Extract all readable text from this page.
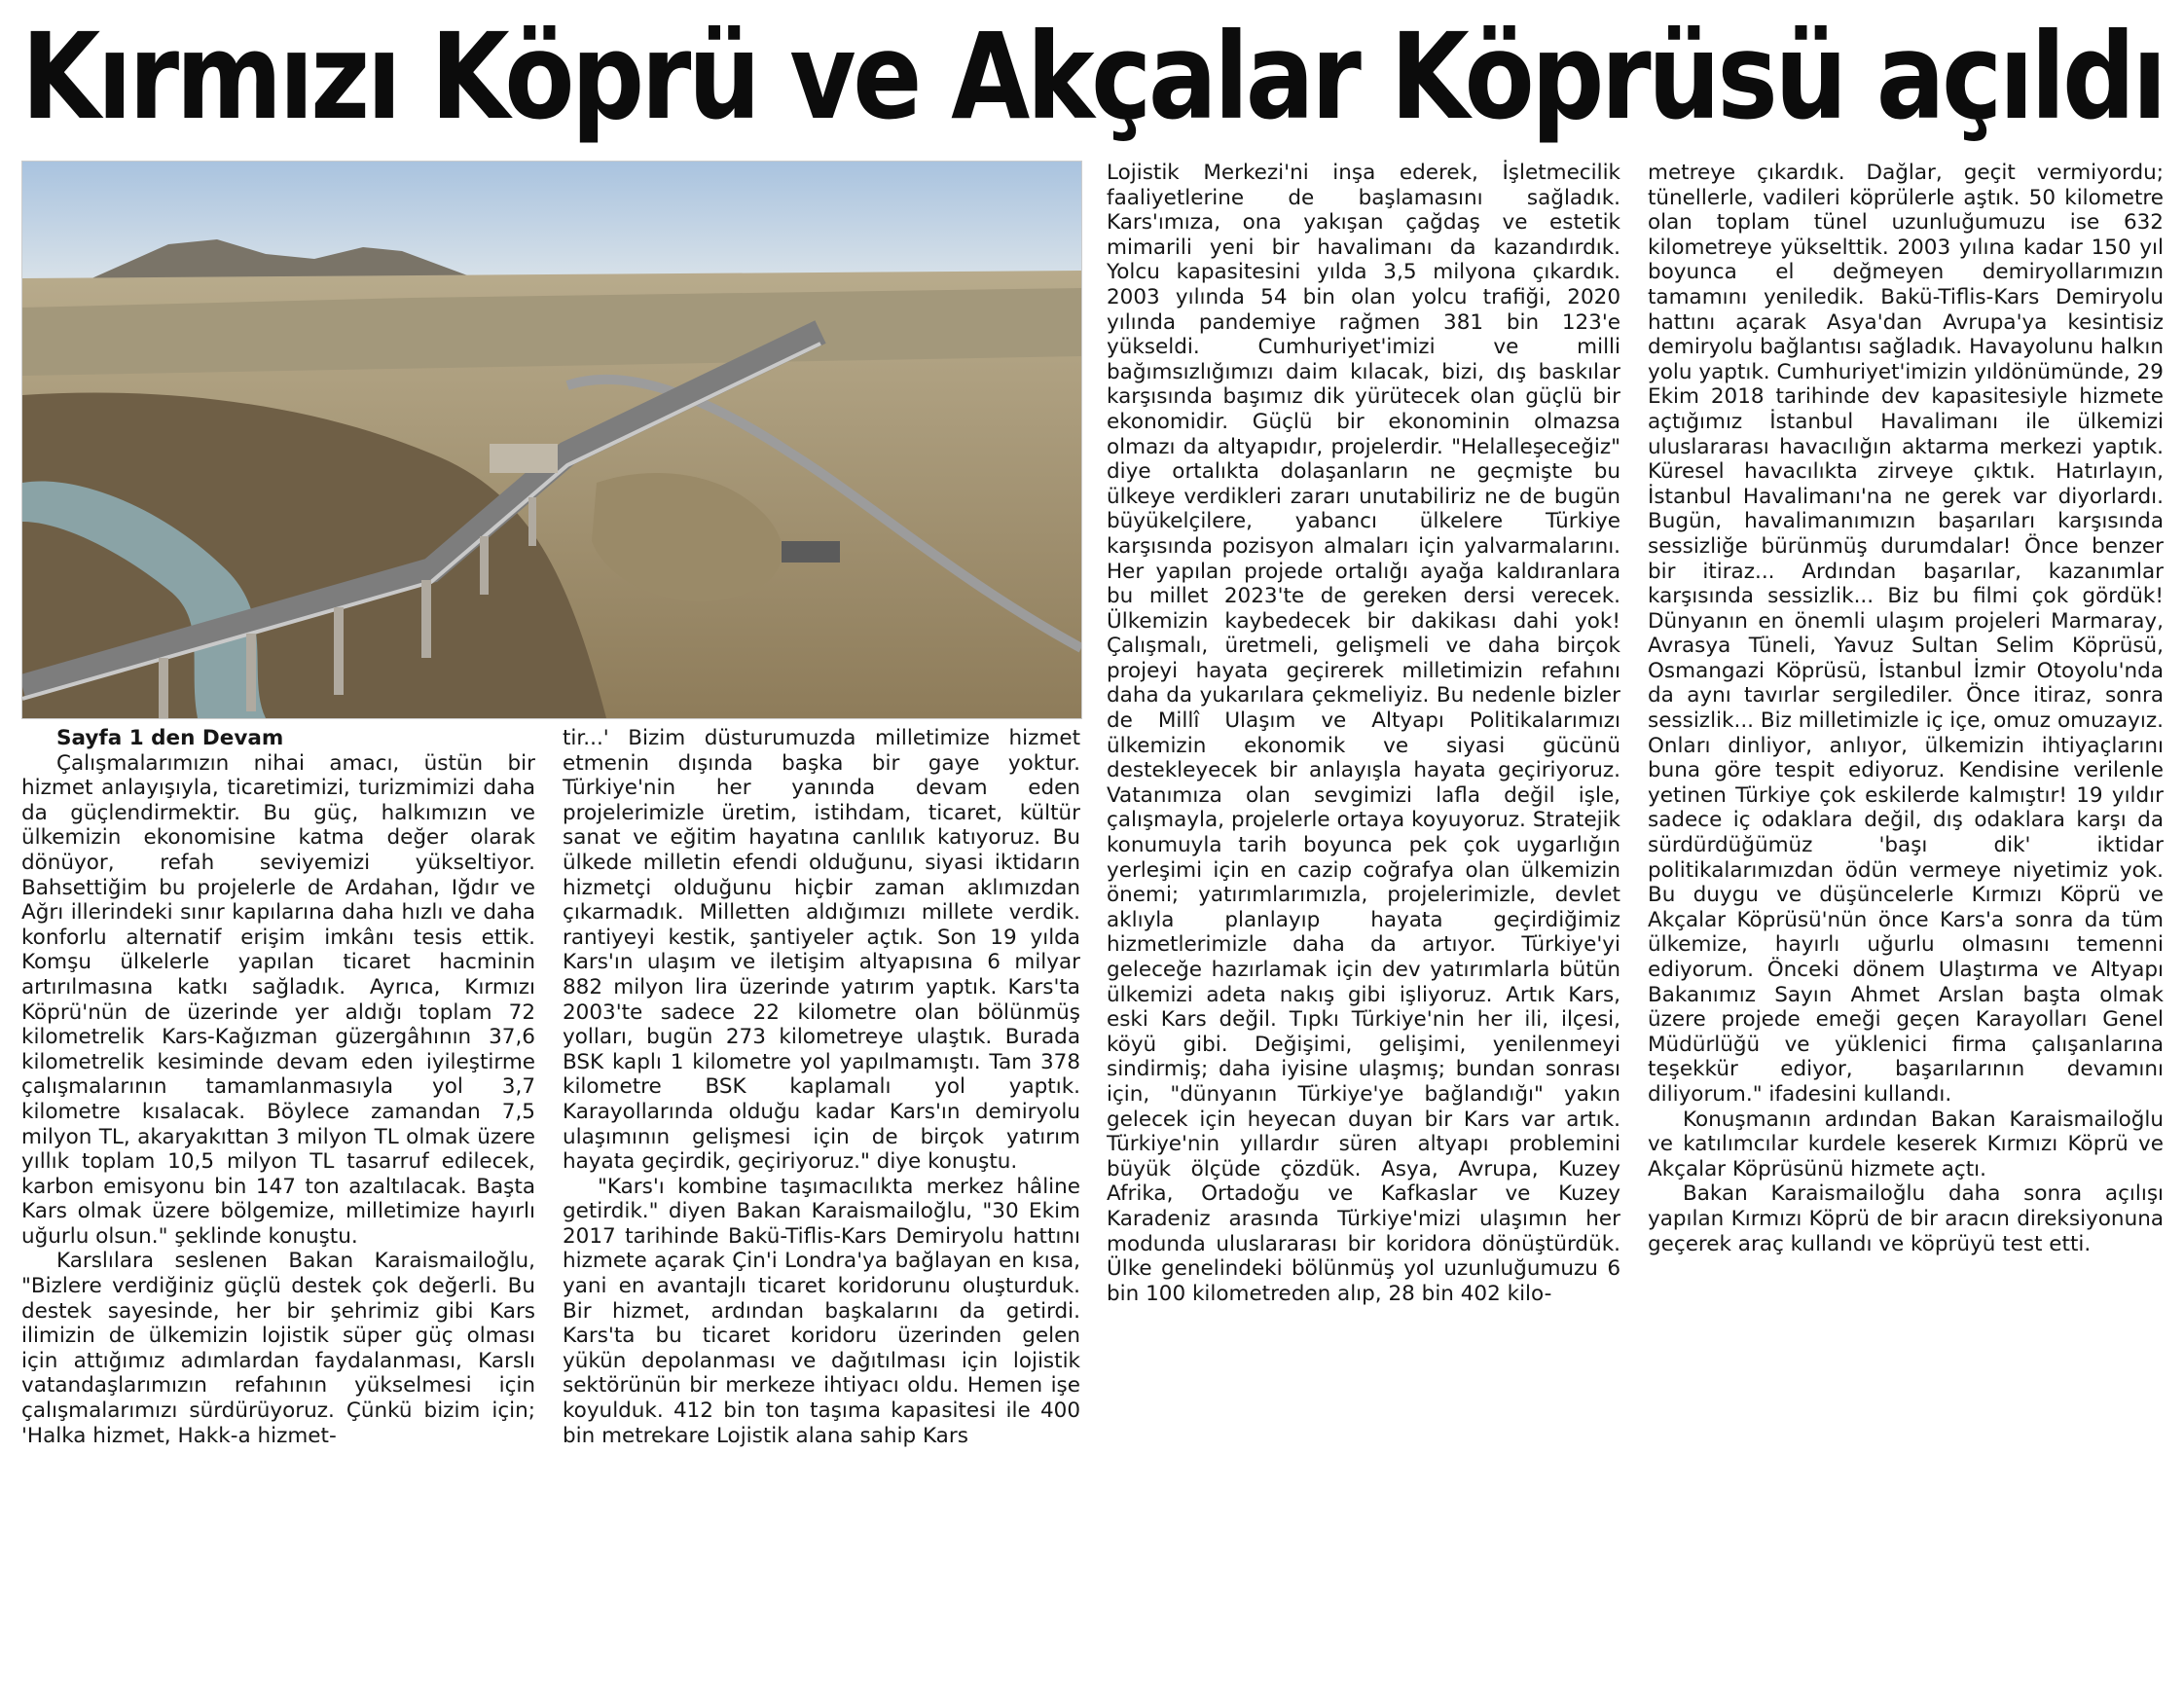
Kırmızı Köprü ve Akçalar Köprüsü açıldı

Sayfa 1 den Devam

Çalışmalarımızın nihai amacı, üstün bir hizmet anlayışıyla, ticaretimizi, turizmimizi daha da güçlendirmektir. Bu güç, halkımızın ve ülkemizin ekonomisine katma değer olarak dönüyor, refah seviyemizi yükseltiyor. Bahsettiğim bu projelerle de Ardahan, Iğdır ve Ağrı illerindeki sınır kapılarına daha hızlı ve daha konforlu alternatif erişim imkânı tesis ettik. Komşu ülkelerle yapılan ticaret hacminin artırılmasına katkı sağladık. Ayrıca, Kırmızı Köprü'nün de üzerinde yer aldığı toplam 72 kilometrelik Kars-Kağızman güzergâhının 37,6 kilometrelik kesiminde devam eden iyileştirme çalışmalarının tamamlanmasıyla yol 3,7 kilometre kısalacak. Böylece zamandan 7,5 milyon TL, akaryakıttan 3 milyon TL olmak üzere yıllık toplam 10,5 milyon TL tasarruf edilecek, karbon emisyonu bin 147 ton azaltılacak. Başta Kars olmak üzere bölgemize, milletimize hayırlı uğurlu olsun." şeklinde konuştu.

Karslılara seslenen Bakan Karaismailoğlu, "Bizlere verdiğiniz güçlü destek çok değerli. Bu destek sayesinde, her bir şehrimiz gibi Kars ilimizin de ülkemizin lojistik süper güç olması için attığımız adımlardan faydalanması, Karslı vatandaşlarımızın refahının yükselmesi için çalışmalarımızı sürdürüyoruz. Çünkü bizim için; 'Halka hizmet, Hakk-a hizmet-

tir...' Bizim düsturumuzda milletimize hizmet etmenin dışında başka bir gaye yoktur. Türkiye'nin her yanında devam eden projelerimizle üretim, istihdam, ticaret, kültür sanat ve eğitim hayatına canlılık katıyoruz. Bu ülkede milletin efendi olduğunu, siyasi iktidarın hizmetçi olduğunu hiçbir zaman aklımızdan çıkarmadık. Milletten aldığımızı millete verdik. rantiyeyi kestik, şantiyeler açtık. Son 19 yılda Kars'ın ulaşım ve iletişim altyapısına 6 milyar 882 milyon lira üzerinde yatırım yaptık. Kars'ta 2003'te sadece 22 kilometre olan bölünmüş yolları, bugün 273 kilometreye ulaştık. Burada BSK kaplı 1 kilometre yol yapılmamıştı. Tam 378 kilometre BSK kaplamalı yol yaptık. Karayollarında olduğu kadar Kars'ın demiryolu ulaşımının gelişmesi için de birçok yatırım hayata geçirdik, geçiriyoruz." diye konuştu.

"Kars'ı kombine taşımacılıkta merkez hâline getirdik." diyen Bakan Karaismailoğlu, "30 Ekim 2017 tarihinde Bakü-Tiflis-Kars Demiryolu hattını hizmete açarak Çin'i Londra'ya bağlayan en kısa, yani en avantajlı ticaret koridorunu oluşturduk. Bir hizmet, ardından başkalarını da getirdi. Kars'ta bu ticaret koridoru üzerinden gelen yükün depolanması ve dağıtılması için lojistik sektörünün bir merkeze ihtiyacı oldu. Hemen işe koyulduk. 412 bin ton taşıma kapasitesi ile 400 bin metrekare Lojistik alana sahip Kars

Lojistik Merkezi'ni inşa ederek, İşletmecilik faaliyetlerine de başlamasını sağladık. Kars'ımıza, ona yakışan çağdaş ve estetik mimarili yeni bir havalimanı da kazandırdık. Yolcu kapasitesini yılda 3,5 milyona çıkardık. 2003 yılında 54 bin olan yolcu trafiği, 2020 yılında pandemiye rağmen 381 bin 123'e yükseldi. Cumhuriyet'imizi ve milli bağımsızlığımızı daim kılacak, bizi, dış baskılar karşısında başımız dik yürütecek olan güçlü bir ekonomidir. Güçlü bir ekonominin olmazsa olmazı da altyapıdır, projelerdir. "Helalleşeceğiz" diye ortalıkta dolaşanların ne geçmişte bu ülkeye verdikleri zararı unutabiliriz ne de bugün büyükelçilere, yabancı ülkelere Türkiye karşısında pozisyon almaları için yalvarmalarını. Her yapılan projede ortalığı ayağa kaldıranlara bu millet 2023'te de gereken dersi verecek. Ülkemizin kaybedecek bir dakikası dahi yok! Çalışmalı, üretmeli, gelişmeli ve daha birçok projeyi hayata geçirerek milletimizin refahını daha da yukarılara çekmeliyiz. Bu nedenle bizler de Millî Ulaşım ve Altyapı Politikalarımızı ülkemizin ekonomik ve siyasi gücünü destekleyecek bir anlayışla hayata geçiriyoruz. Vatanımıza olan sevgimizi lafla değil işle, çalışmayla, projelerle ortaya koyuyoruz. Stratejik konumuyla tarih boyunca pek çok uygarlığın yerleşimi için en cazip coğrafya olan ülkemizin önemi; yatırımlarımızla, projelerimizle, devlet aklıyla planlayıp hayata geçirdiğimiz hizmetlerimizle daha da artıyor. Türkiye'yi geleceğe hazırlamak için dev yatırımlarla bütün ülkemizi adeta nakış gibi işliyoruz. Artık Kars, eski Kars değil. Tıpkı Türkiye'nin her ili, ilçesi, köyü gibi. Değişimi, gelişimi, yenilenmeyi sindirmiş; daha iyisine ulaşmış; bundan sonrası için, "dünyanın Türkiye'ye bağlandığı" yakın gelecek için heyecan duyan bir Kars var artık. Türkiye'nin yıllardır süren altyapı problemini büyük ölçüde çözdük. Asya, Avrupa, Kuzey Afrika, Ortadoğu ve Kafkaslar ve Kuzey Karadeniz arasında Türkiye'mizi ulaşımın her modunda uluslararası bir koridora dönüştürdük. Ülke genelindeki bölünmüş yol uzunluğumuzu 6 bin 100 kilometreden alıp, 28 bin 402 kilo-

metreye çıkardık. Dağlar, geçit vermiyordu; tünellerle, vadileri köprülerle aştık. 50 kilometre olan toplam tünel uzunluğumuzu ise 632 kilometreye yükselttik. 2003 yılına kadar 150 yıl boyunca el değmeyen demiryollarımızın tamamını yeniledik. Bakü-Tiflis-Kars Demiryolu hattını açarak Asya'dan Avrupa'ya kesintisiz demiryolu bağlantısı sağladık. Havayolunu halkın yolu yaptık. Cumhuriyet'imizin yıldönümünde, 29 Ekim 2018 tarihinde dev kapasitesiyle hizmete açtığımız İstanbul Havalimanı ile ülkemizi uluslararası havacılığın aktarma merkezi yaptık. Küresel havacılıkta zirveye çıktık. Hatırlayın, İstanbul Havalimanı'na ne gerek var diyorlardı. Bugün, havalimanımızın başarıları karşısında sessizliğe bürünmüş durumdalar! Önce benzer bir itiraz... Ardından başarılar, kazanımlar karşısında sessizlik... Biz bu filmi çok gördük! Dünyanın en önemli ulaşım projeleri Marmaray, Avrasya Tüneli, Yavuz Sultan Selim Köprüsü, Osmangazi Köprüsü, İstanbul İzmir Otoyolu'nda da aynı tavırlar sergilediler. Önce itiraz, sonra sessizlik... Biz milletimizle iç içe, omuz omuzayız. Onları dinliyor, anlıyor, ülkemizin ihtiyaçlarını buna göre tespit ediyoruz. Kendisine verilenle yetinen Türkiye çok eskilerde kalmıştır! 19 yıldır sadece iç odaklara değil, dış odaklara karşı da sürdürdüğümüz 'başı dik' iktidar politikalarımızdan ödün vermeye niyetimiz yok. Bu duygu ve düşüncelerle Kırmızı Köprü ve Akçalar Köprüsü'nün önce Kars'a sonra da tüm ülkemize, hayırlı uğurlu olmasını temenni ediyorum. Önceki dönem Ulaştırma ve Altyapı Bakanımız Sayın Ahmet Arslan başta olmak üzere projede emeği geçen Karayolları Genel Müdürlüğü ve yüklenici firma çalışanlarına teşekkür ediyor, başarılarının devamını diliyorum." ifadesini kullandı.

Konuşmanın ardından Bakan Karaismailoğlu ve katılımcılar kurdele keserek Kırmızı Köprü ve Akçalar Köprüsünü hizmete açtı.

Bakan Karaismailoğlu daha sonra açılışı yapılan Kırmızı Köprü de bir aracın direksiyonuna geçerek araç kullandı ve köprüyü test etti.
